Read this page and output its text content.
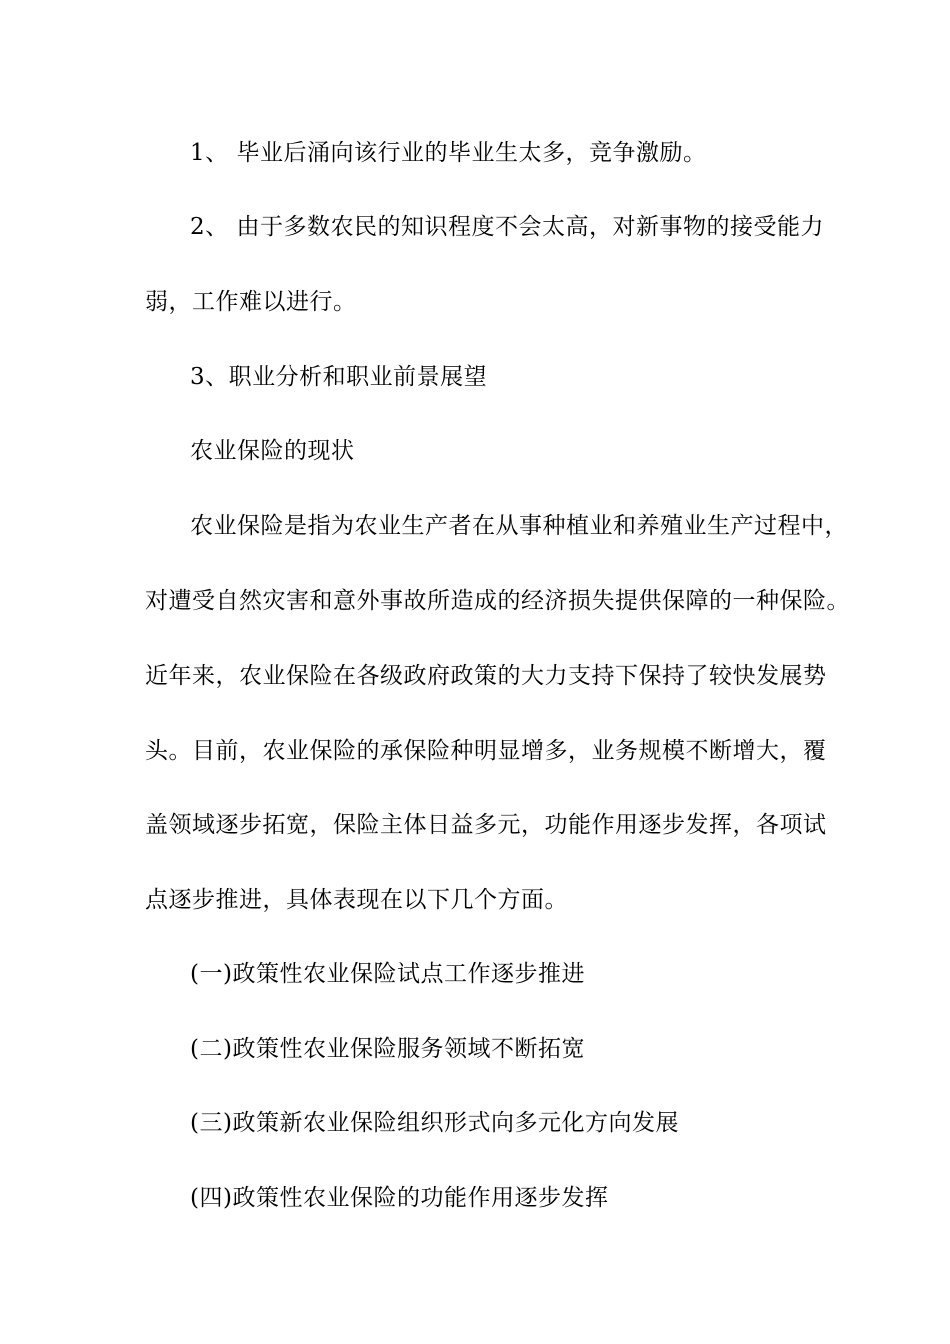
1、 毕业后涌向该行业的毕业生太多，竞争激励。
2、 由于多数农民的知识程度不会太高，对新事物的接受能力
弱，工作难以进行。
3、职业分析和职业前景展望
农业保险的现状
农业保险是指为农业生产者在从事种植业和养殖业生产过程中，
对遭受自然灾害和意外事故所造成的经济损失提供保障的一种保险。
近年来，农业保险在各级政府政策的大力支持下保持了较快发展势
头。目前，农业保险的承保险种明显增多，业务规模不断增大，覆
盖领域逐步拓宽，保险主体日益多元，功能作用逐步发挥，各项试
点逐步推进，具体表现在以下几个方面。
(一)政策性农业保险试点工作逐步推进
(二)政策性农业保险服务领域不断拓宽
(三)政策新农业保险组织形式向多元化方向发展
(四)政策性农业保险的功能作用逐步发挥
